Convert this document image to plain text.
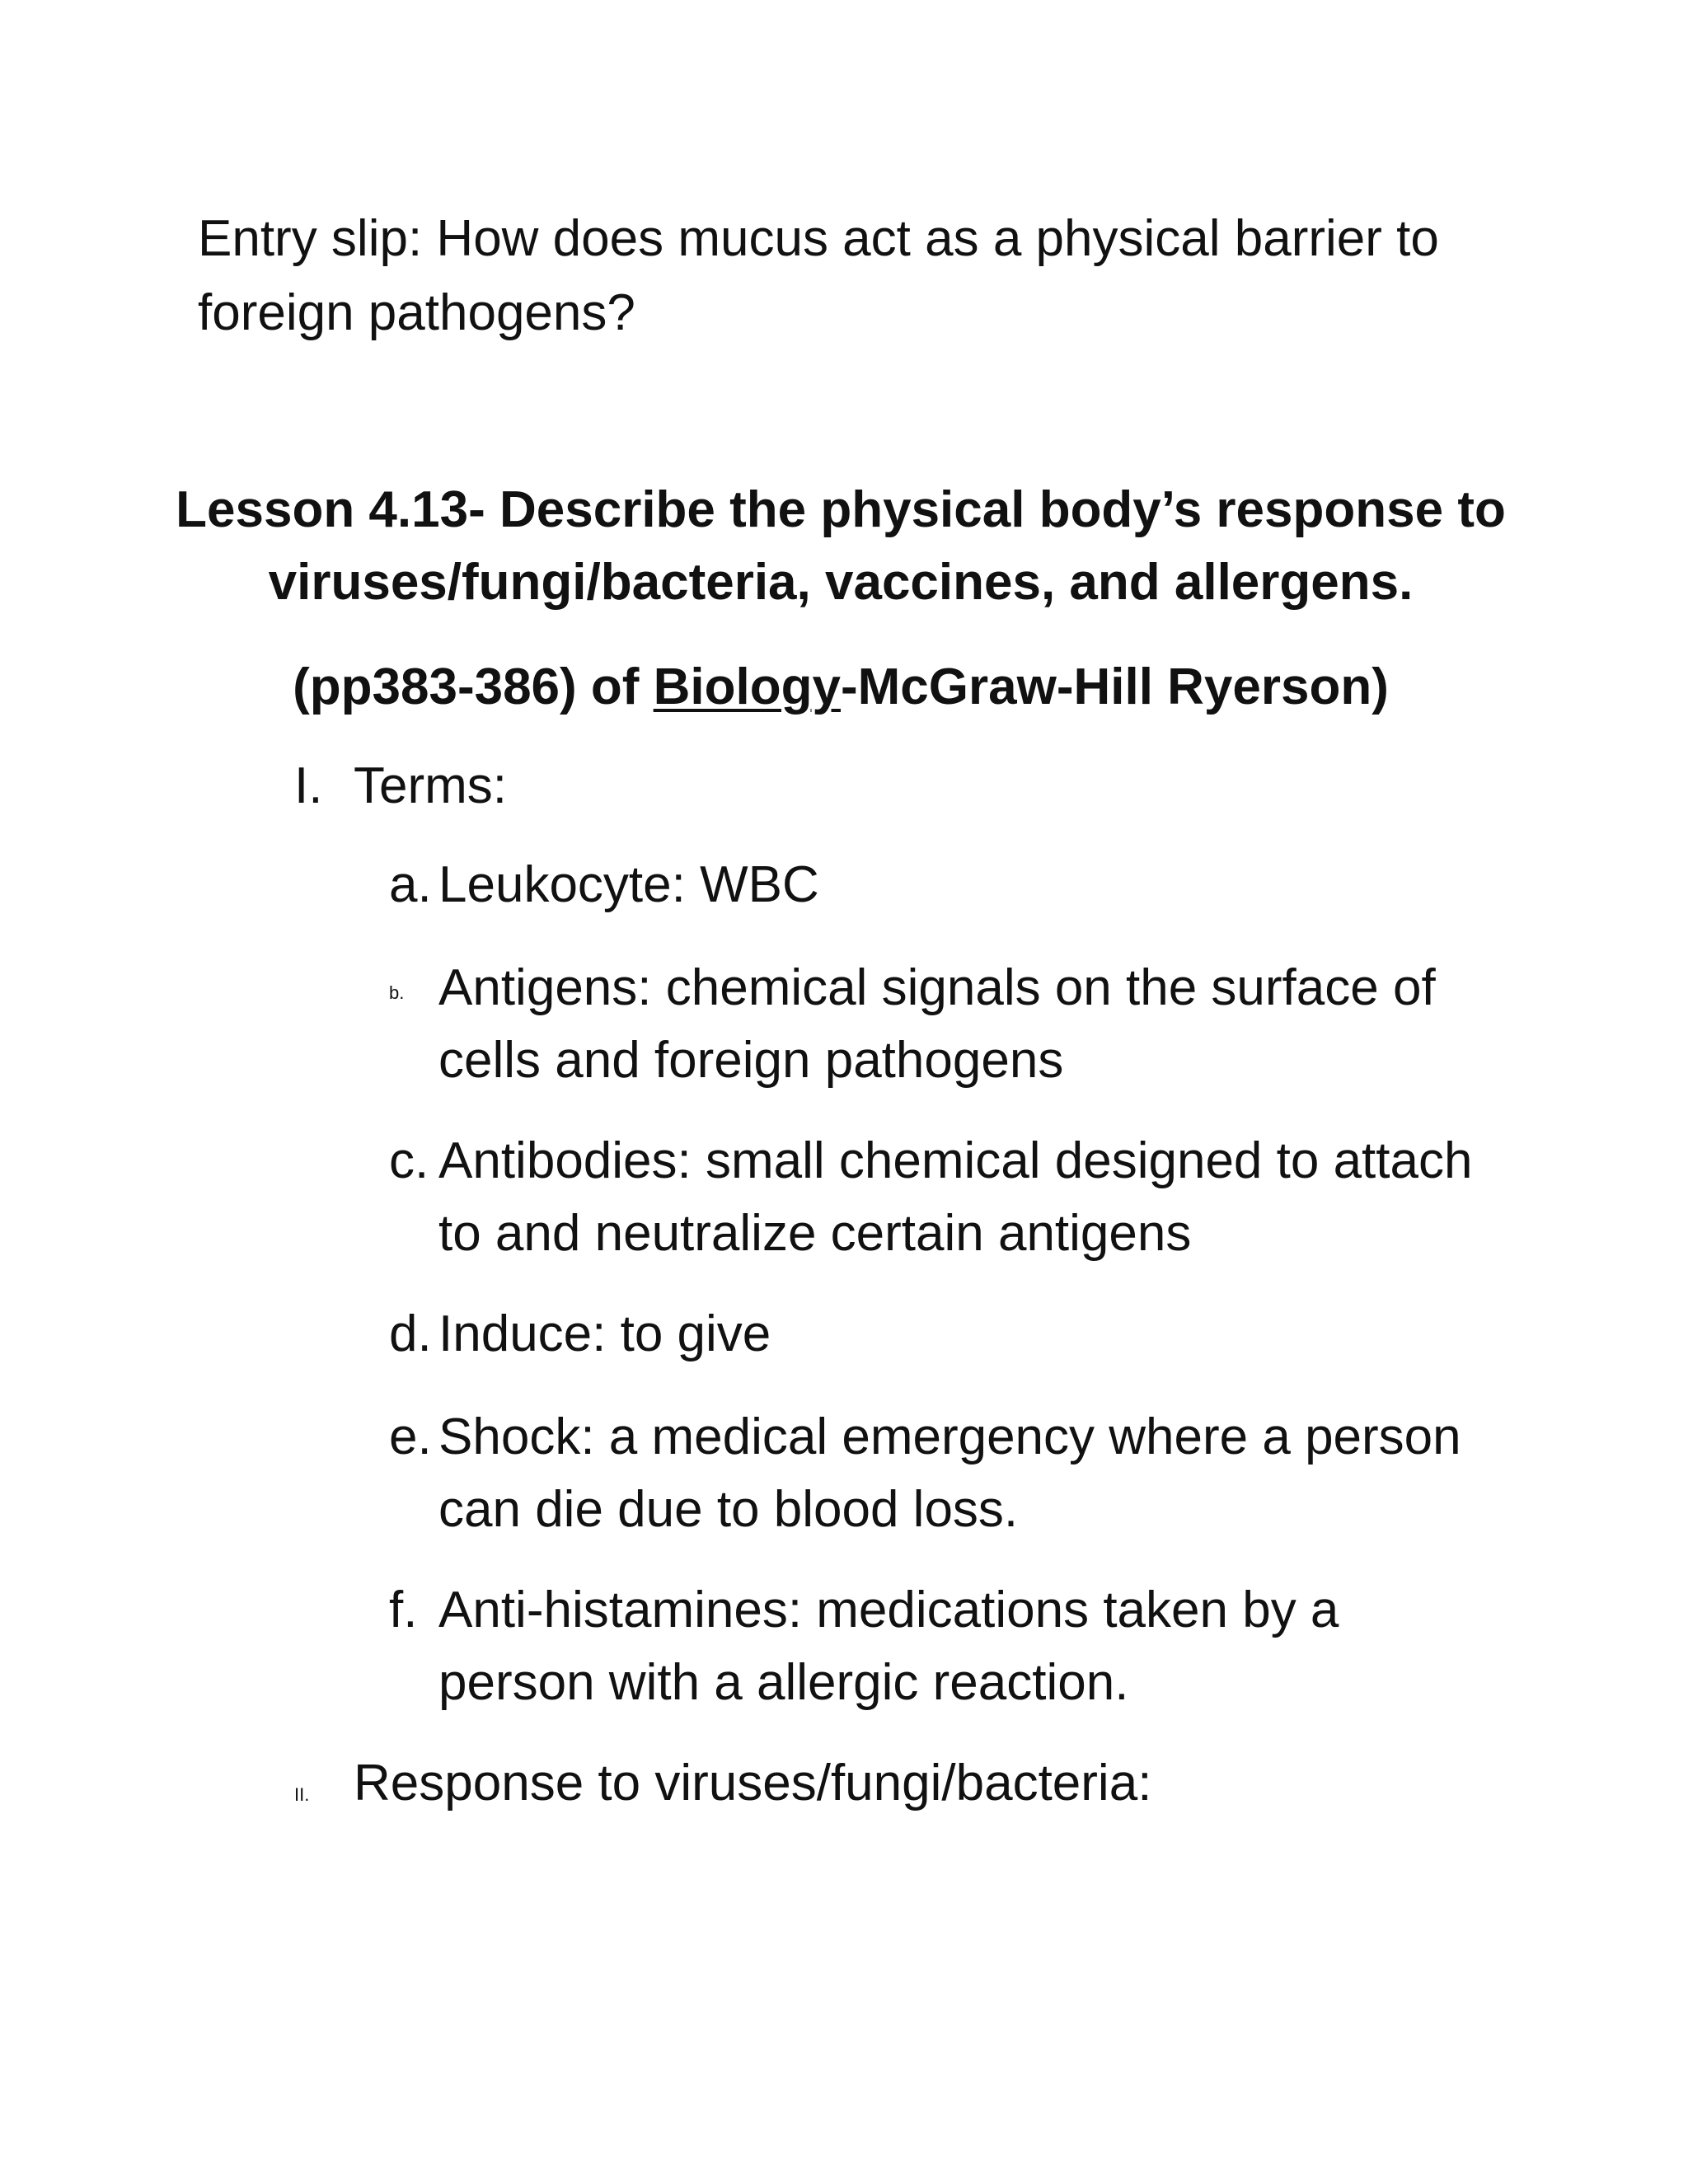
Entry slip: How does mucus act as a physical barrier to foreign pathogens?

Lesson 4.13- Describe the physical body’s response to viruses/fungi/bacteria, vaccines, and allergens.

(pp383-386) of Biology-McGraw-Hill Ryerson)

I. Terms:
a. Leukocyte: WBC
b. Antigens: chemical signals on the surface of cells and foreign pathogens
c. Antibodies: small chemical designed to attach to and neutralize certain antigens
d. Induce: to give
e. Shock: a medical emergency where a person can die due to blood loss.
f. Anti-histamines: medications taken by a person with a allergic reaction.
II. Response to viruses/fungi/bacteria:
